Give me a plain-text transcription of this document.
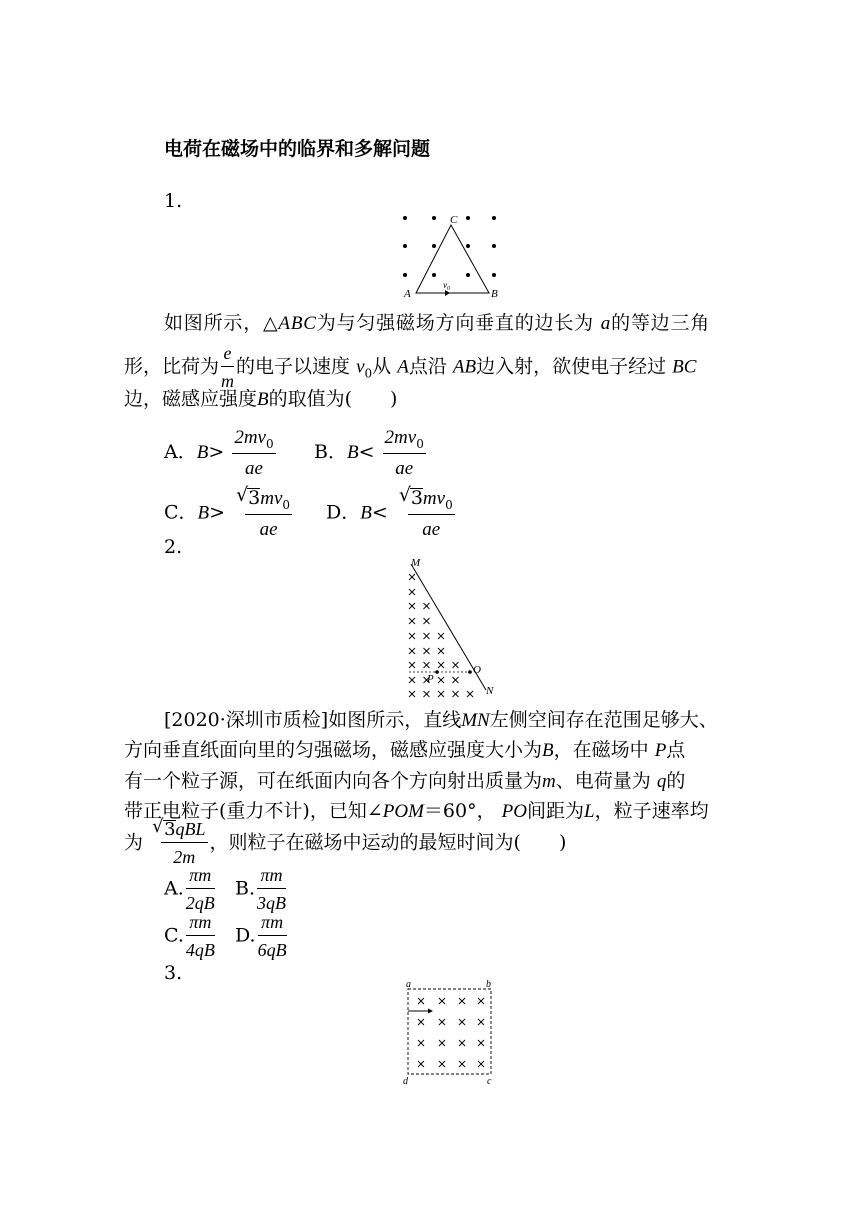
电荷在磁场中的临界和多解问题
1.
C
A	B
$v_0$
如图所示，△ABC为与匀强磁场方向垂直的边长为 a的等边三角
形，比荷为 $\frac{e}{m}$ 的电子以速度 $v_0$从 A点沿 AB边入射，欲使电子经过 BC
边，磁感应强度B的取值为(　　)
A．$B> \frac{2mv_0}{ae}$ B．$B< \frac{2mv_0}{ae}$
C．B> √ $\frac{3mv_0}{ae}$ D．B< √ $\frac{3mv_0}{ae}$
2.
M
N
O
P
[2020·深圳市质检]如图所示，直线MN左侧空间存在范围足够大、
方向垂直纸面向里的匀强磁场，磁感应强度大小为B，在磁场中 P点
有一个粒子源，可在纸面内向各个方向射出质量为m、电荷量为 q的
带正电粒子(重力不计)，已知∠POM＝60°， PO间距为L，粒子速率均
为 √ $\frac{\text{3qBL}}{2m}$ ，则粒子在磁场中运动的最短时间为(　　)
A. $\frac{\pi m}{2qB} B$. $\frac{\pi m}{3qB}$
C. $\frac{\pi m}{4qB} D$. $\frac{\pi m}{6qB}$
3.
a	b
c
d
